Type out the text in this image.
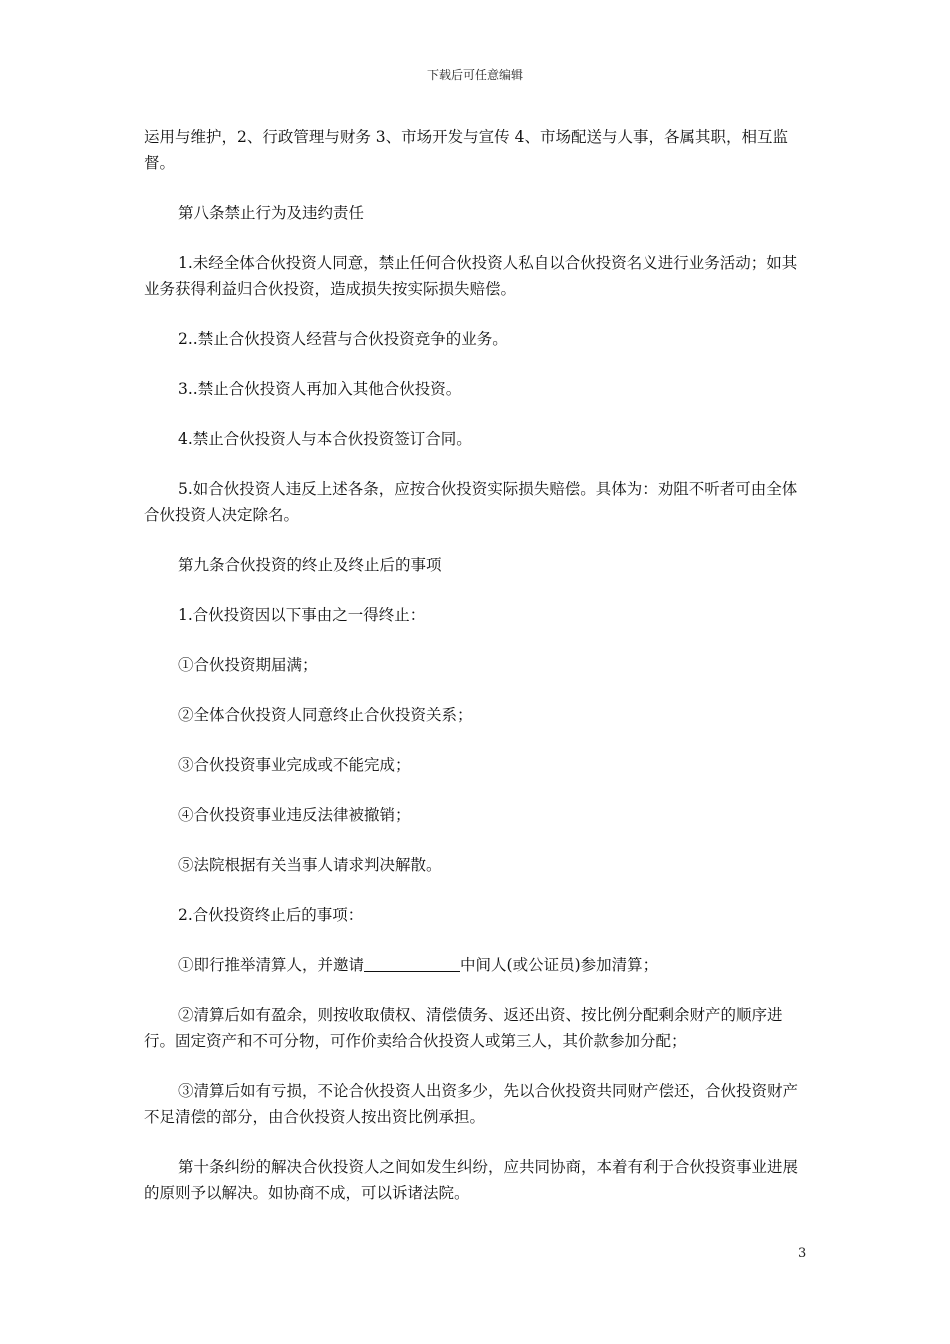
下载后可任意编辑

运用与维护，2、行政管理与财务 3、市场开发与宣传 4、市场配送与人事，各属其职，相互监督。

第八条禁止行为及违约责任

1.未经全体合伙投资人同意，禁止任何合伙投资人私自以合伙投资名义进行业务活动；如其业务获得利益归合伙投资，造成损失按实际损失赔偿。

2..禁止合伙投资人经营与合伙投资竞争的业务。

3..禁止合伙投资人再加入其他合伙投资。

4.禁止合伙投资人与本合伙投资签订合同。

5.如合伙投资人违反上述各条，应按合伙投资实际损失赔偿。具体为：劝阻不听者可由全体合伙投资人决定除名。

第九条合伙投资的终止及终止后的事项

1.合伙投资因以下事由之一得终止：

①合伙投资期届满；

②全体合伙投资人同意终止合伙投资关系；

③合伙投资事业完成或不能完成；

④合伙投资事业违反法律被撤销；

⑤法院根据有关当事人请求判决解散。

2.合伙投资终止后的事项：

①即行推举清算人，并邀请	中间人(或公证员)参加清算；

②清算后如有盈余，则按收取债权、清偿债务、返还出资、按比例分配剩余财产的顺序进行。固定资产和不可分物，可作价卖给合伙投资人或第三人，其价款参加分配；

③清算后如有亏损，不论合伙投资人出资多少，先以合伙投资共同财产偿还，合伙投资财产不足清偿的部分，由合伙投资人按出资比例承担。

第十条纠纷的解决合伙投资人之间如发生纠纷，应共同协商，本着有利于合伙投资事业进展的原则予以解决。如协商不成，可以诉诸法院。

3
